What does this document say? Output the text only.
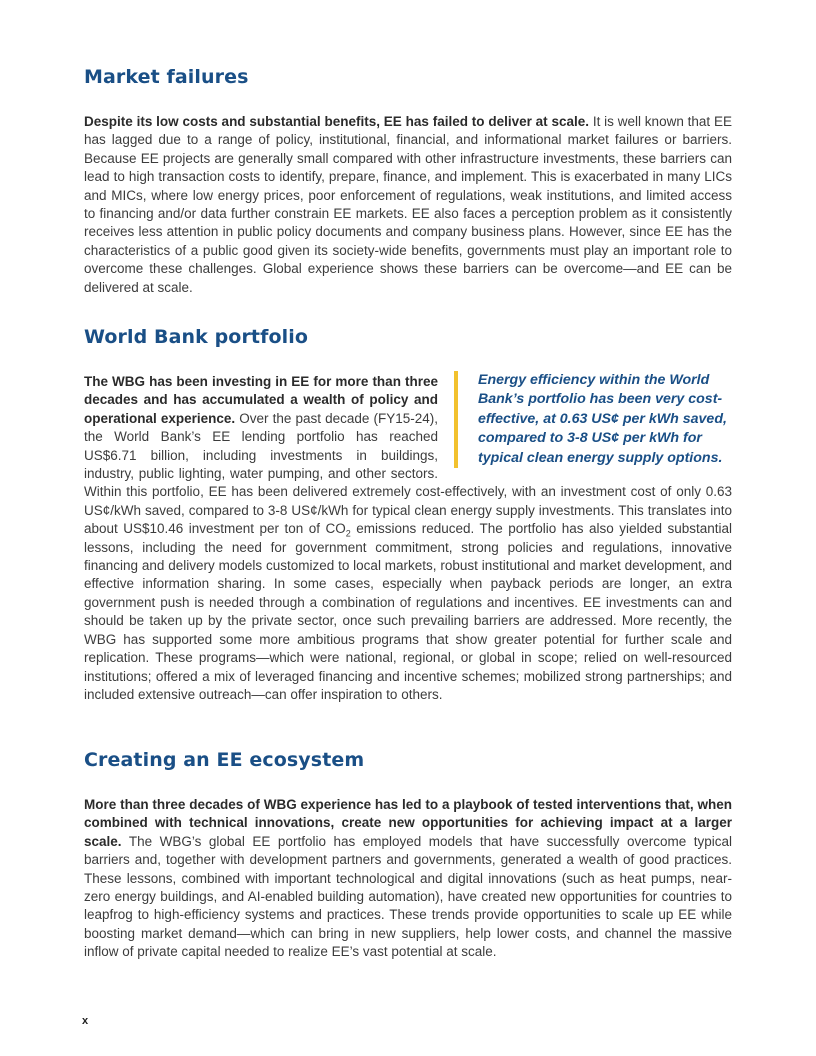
Market failures

Despite its low costs and substantial benefits, EE has failed to deliver at scale. It is well known that EE has lagged due to a range of policy, institutional, financial, and informational market failures or barriers. Because EE projects are generally small compared with other infrastructure investments, these barriers can lead to high transaction costs to identify, prepare, finance, and implement. This is exacerbated in many LICs and MICs, where low energy prices, poor enforcement of regulations, weak institutions, and limited access to financing and/or data further constrain EE markets. EE also faces a perception problem as it consistently receives less attention in public policy documents and company business plans. However, since EE has the characteristics of a public good given its society-wide benefits, governments must play an important role to overcome these challenges. Global experience shows these barriers can be overcome—and EE can be delivered at scale.

World Bank portfolio
Energy efficiency within the World Bank’s portfolio has been very cost-effective, at 0.63 US¢ per kWh saved, compared to 3-8 US¢ per kWh for typical clean energy supply options.

The WBG has been investing in EE for more than three decades and has accumulated a wealth of policy and operational experience. Over the past decade (FY15-24), the World Bank’s EE lending portfolio has reached US$6.71 billion, including investments in buildings, industry, public lighting, water pumping, and other sectors. Within this portfolio, EE has been delivered extremely cost-effectively, with an investment cost of only 0.63 US¢/kWh saved, compared to 3-8 US¢/kWh for typical clean energy supply investments. This translates into about US$10.46 investment per ton of $CO_2$ emissions reduced. The portfolio has also yielded substantial lessons, including the need for government commitment, strong policies and regulations, innovative financing and delivery models customized to local markets, robust institutional and market development, and effective information sharing. In some cases, especially when payback periods are longer, an extra government push is needed through a combination of regulations and incentives. EE investments can and should be taken up by the private sector, once such prevailing barriers are addressed. More recently, the WBG has supported some more ambitious programs that show greater potential for further scale and replication. These programs—which were national, regional, or global in scope; relied on well-resourced institutions; offered a mix of leveraged financing and incentive schemes; mobilized strong partnerships; and included extensive outreach—can offer inspiration to others.

Creating an EE ecosystem

More than three decades of WBG experience has led to a playbook of tested interventions that, when combined with technical innovations, create new opportunities for achieving impact at a larger scale. The WBG’s global EE portfolio has employed models that have successfully overcome typical barriers and, together with development partners and governments, generated a wealth of good practices. These lessons, combined with important technological and digital innovations (such as heat pumps, near-zero energy buildings, and AI-enabled building automation), have created new opportunities for countries to leapfrog to high-efficiency systems and practices. These trends provide opportunities to scale up EE while boosting market demand—which can bring in new suppliers, help lower costs, and channel the massive inflow of private capital needed to realize EE’s vast potential at scale.

x
